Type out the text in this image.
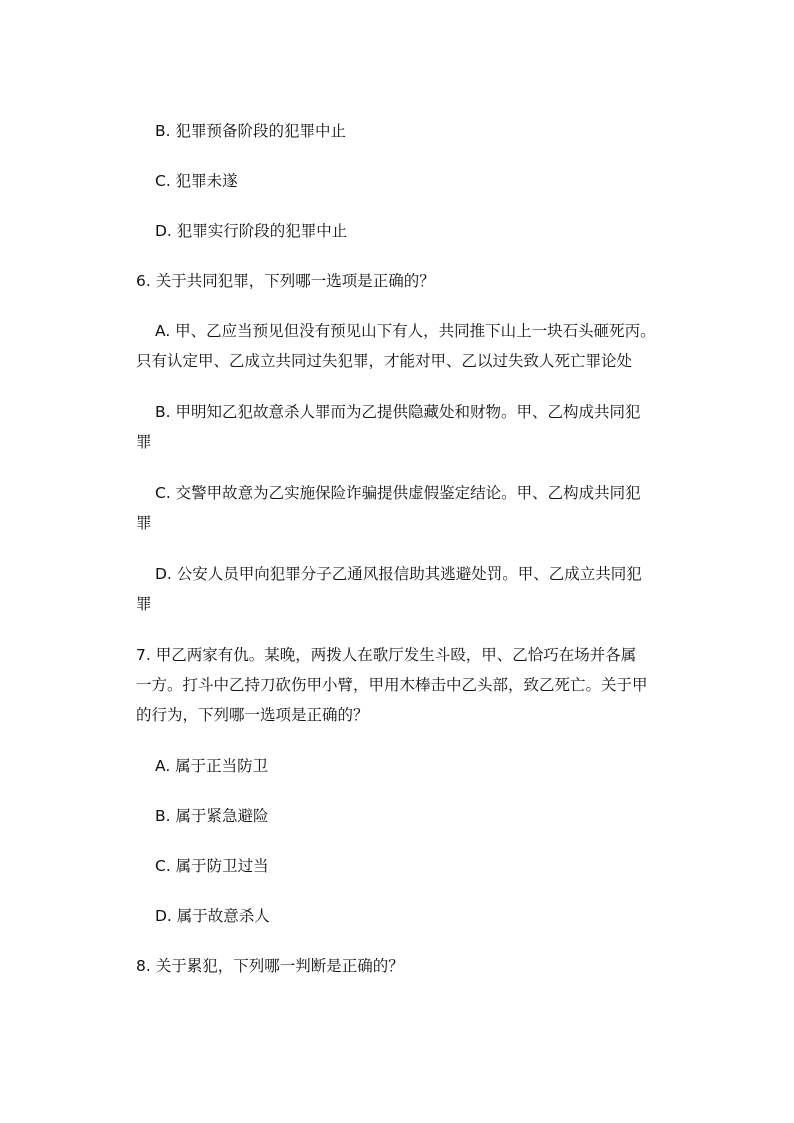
B. 犯罪预备阶段的犯罪中止
C. 犯罪未遂
D. 犯罪实行阶段的犯罪中止
6. 关于共同犯罪，下列哪一选项是正确的？
A. 甲、乙应当预见但没有预见山下有人，共同推下山上一块石头砸死丙。
只有认定甲、乙成立共同过失犯罪，才能对甲、乙以过失致人死亡罪论处
B. 甲明知乙犯故意杀人罪而为乙提供隐藏处和财物。甲、乙构成共同犯
罪
C. 交警甲故意为乙实施保险诈骗提供虚假鉴定结论。甲、乙构成共同犯
罪
D. 公安人员甲向犯罪分子乙通风报信助其逃避处罚。甲、乙成立共同犯
罪
7. 甲乙两家有仇。某晚，两拨人在歌厅发生斗殴，甲、乙恰巧在场并各属
一方。打斗中乙持刀砍伤甲小臂，甲用木棒击中乙头部，致乙死亡。关于甲
的行为，下列哪一选项是正确的？
A. 属于正当防卫
B. 属于紧急避险
C. 属于防卫过当
D. 属于故意杀人
8. 关于累犯，下列哪一判断是正确的？
